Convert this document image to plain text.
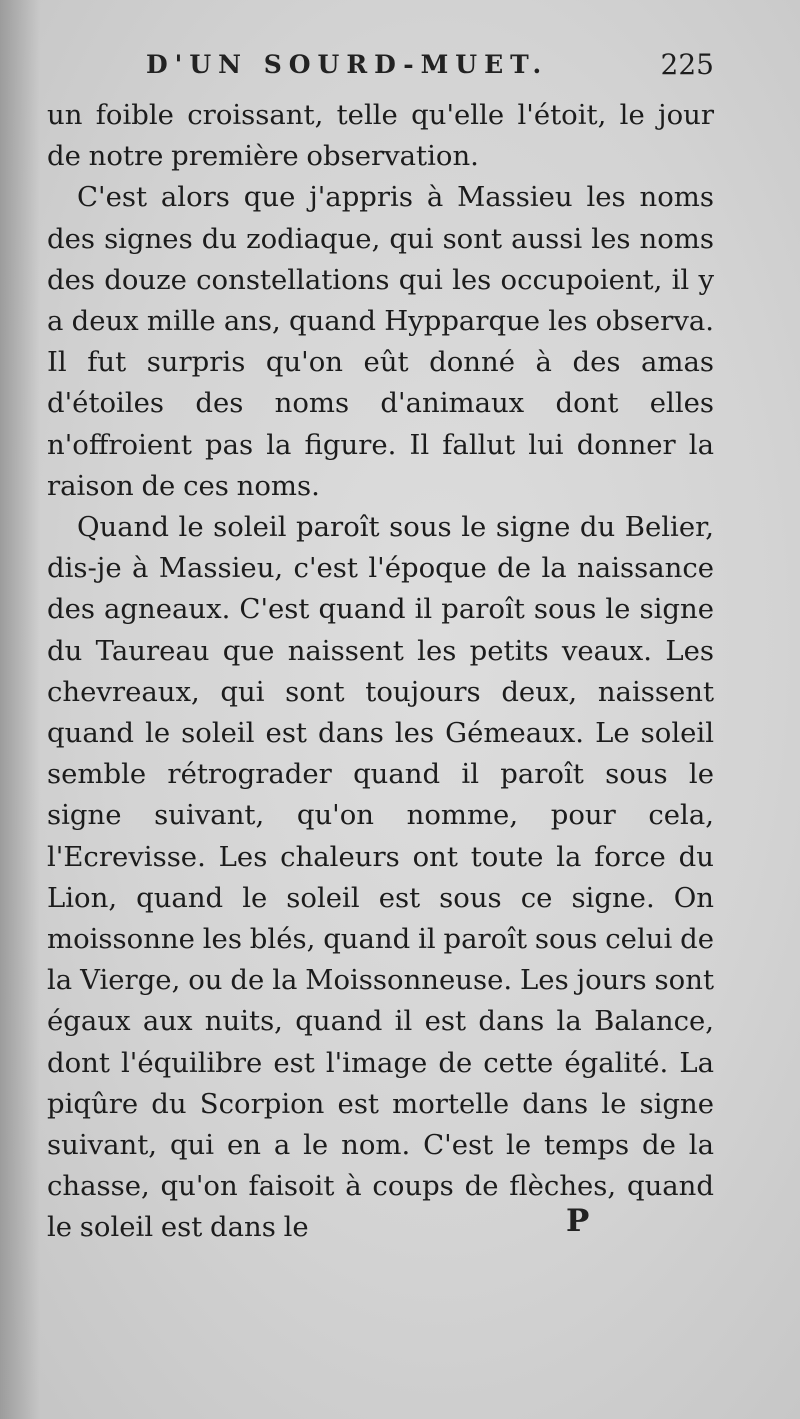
D'UN SOURD-MUET.	225

un foible croissant, telle qu'elle l'étoit, le jour de notre première observation.

C'est alors que j'appris à Massieu les noms des signes du zodiaque, qui sont aussi les noms des douze constellations qui les occupoient, il y a deux mille ans, quand Hypparque les observa. Il fut surpris qu'on eût donné à des amas d'étoiles des noms d'animaux dont elles n'offroient pas la figure. Il fallut lui donner la raison de ces noms.

Quand le soleil paroît sous le signe du Belier, dis-je à Massieu, c'est l'époque de la naissance des agneaux. C'est quand il paroît sous le signe du Taureau que naissent les petits veaux. Les chevreaux, qui sont toujours deux, naissent quand le soleil est dans les Gémeaux. Le soleil semble rétrograder quand il paroît sous le signe suivant, qu'on nomme, pour cela, l'Ecrevisse. Les chaleurs ont toute la force du Lion, quand le soleil est sous ce signe. On moissonne les blés, quand il paroît sous celui de la Vierge, ou de la Moissonneuse. Les jours sont égaux aux nuits, quand il est dans la Balance, dont l'équilibre est l'image de cette égalité. La piqûre du Scorpion est mortelle dans le signe suivant, qui en a le nom. C'est le temps de la chasse, qu'on faisoit à coups de flèches, quand le soleil est dans le	P
